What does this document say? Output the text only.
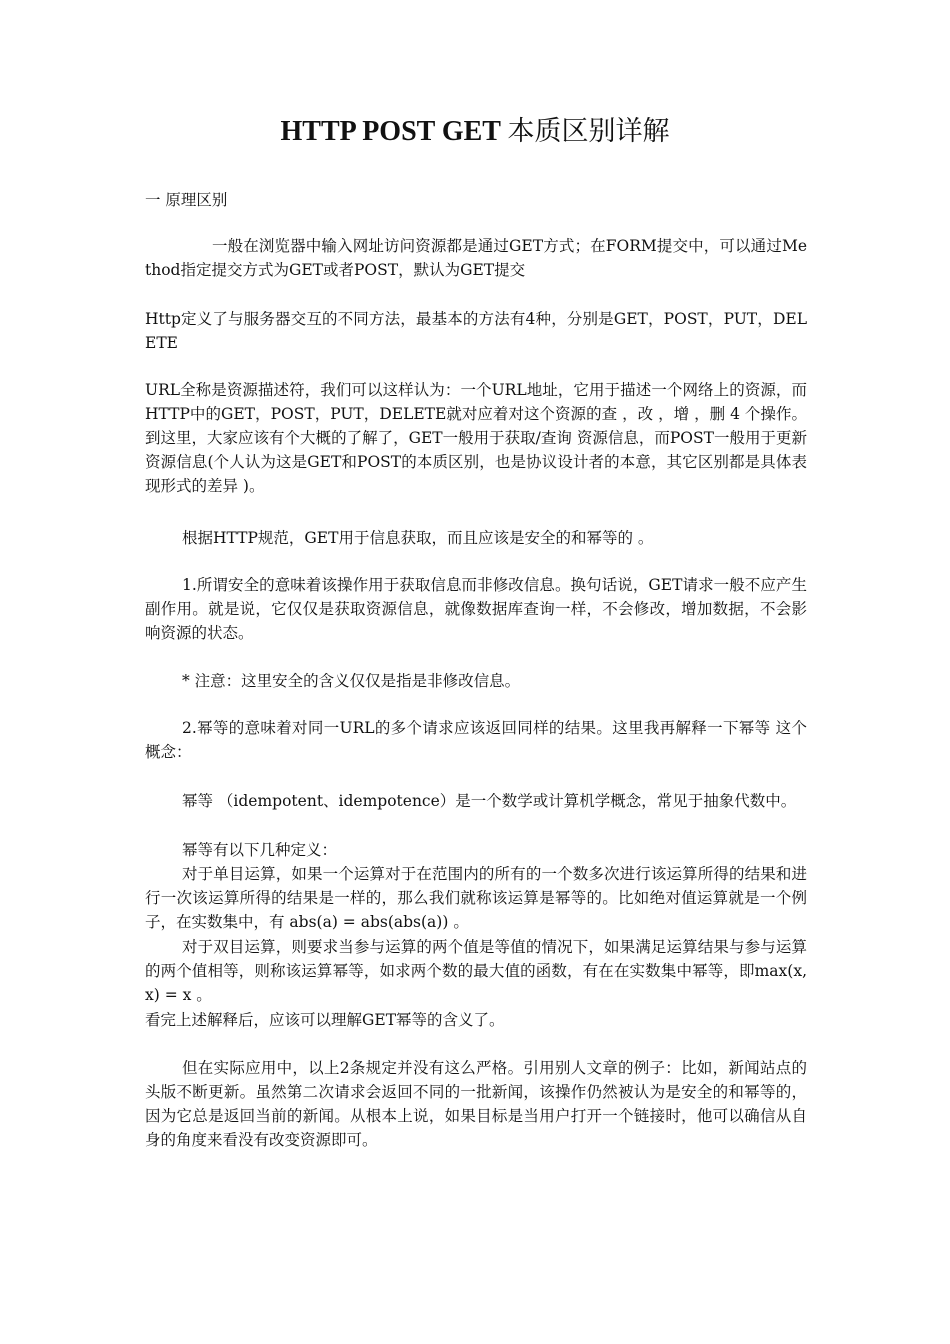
HTTP POST GET 本质区别详解
一 原理区别
一般在浏览器中输入网址访问资源都是通过GET方式；在FORM提交中，可以通过Method指定提交方式为GET或者POST，默认为GET提交
Http定义了与服务器交互的不同方法，最基本的方法有4种，分别是GET，POST，PUT，DELETE
URL全称是资源描述符，我们可以这样认为：一个URL地址，它用于描述一个网络上的资源，而HTTP中的GET，POST，PUT，DELETE就对应着对这个资源的查 ，改 ，增 ，删 4 个操作。到这里，大家应该有个大概的了解了，GET一般用于获取/查询 资源信息，而POST一般用于更新 资源信息(个人认为这是GET和POST的本质区别，也是协议设计者的本意，其它区别都是具体表现形式的差异 )。
根据HTTP规范，GET用于信息获取，而且应该是安全的和幂等的 。
1.所谓安全的意味着该操作用于获取信息而非修改信息。换句话说，GET请求一般不应产生副作用。就是说，它仅仅是获取资源信息，就像数据库查询一样，不会修改，增加数据，不会影响资源的状态。
* 注意：这里安全的含义仅仅是指是非修改信息。
2.幂等的意味着对同一URL的多个请求应该返回同样的结果。这里我再解释一下幂等 这个概念：
幂等 （idempotent、idempotence）是一个数学或计算机学概念，常见于抽象代数中。
幂等有以下几种定义：
对于单目运算，如果一个运算对于在范围内的所有的一个数多次进行该运算所得的结果和进行一次该运算所得的结果是一样的，那么我们就称该运算是幂等的。比如绝对值运算就是一个例子，在实数集中，有 abs(a) = abs(abs(a)) 。
对于双目运算，则要求当参与运算的两个值是等值的情况下，如果满足运算结果与参与运算的两个值相等，则称该运算幂等，如求两个数的最大值的函数，有在在实数集中幂等，即max(x,x) = x 。
看完上述解释后，应该可以理解GET幂等的含义了。
但在实际应用中，以上2条规定并没有这么严格。引用别人文章的例子：比如，新闻站点的头版不断更新。虽然第二次请求会返回不同的一批新闻，该操作仍然被认为是安全的和幂等的，因为它总是返回当前的新闻。从根本上说，如果目标是当用户打开一个链接时，他可以确信从自身的角度来看没有改变资源即可。
